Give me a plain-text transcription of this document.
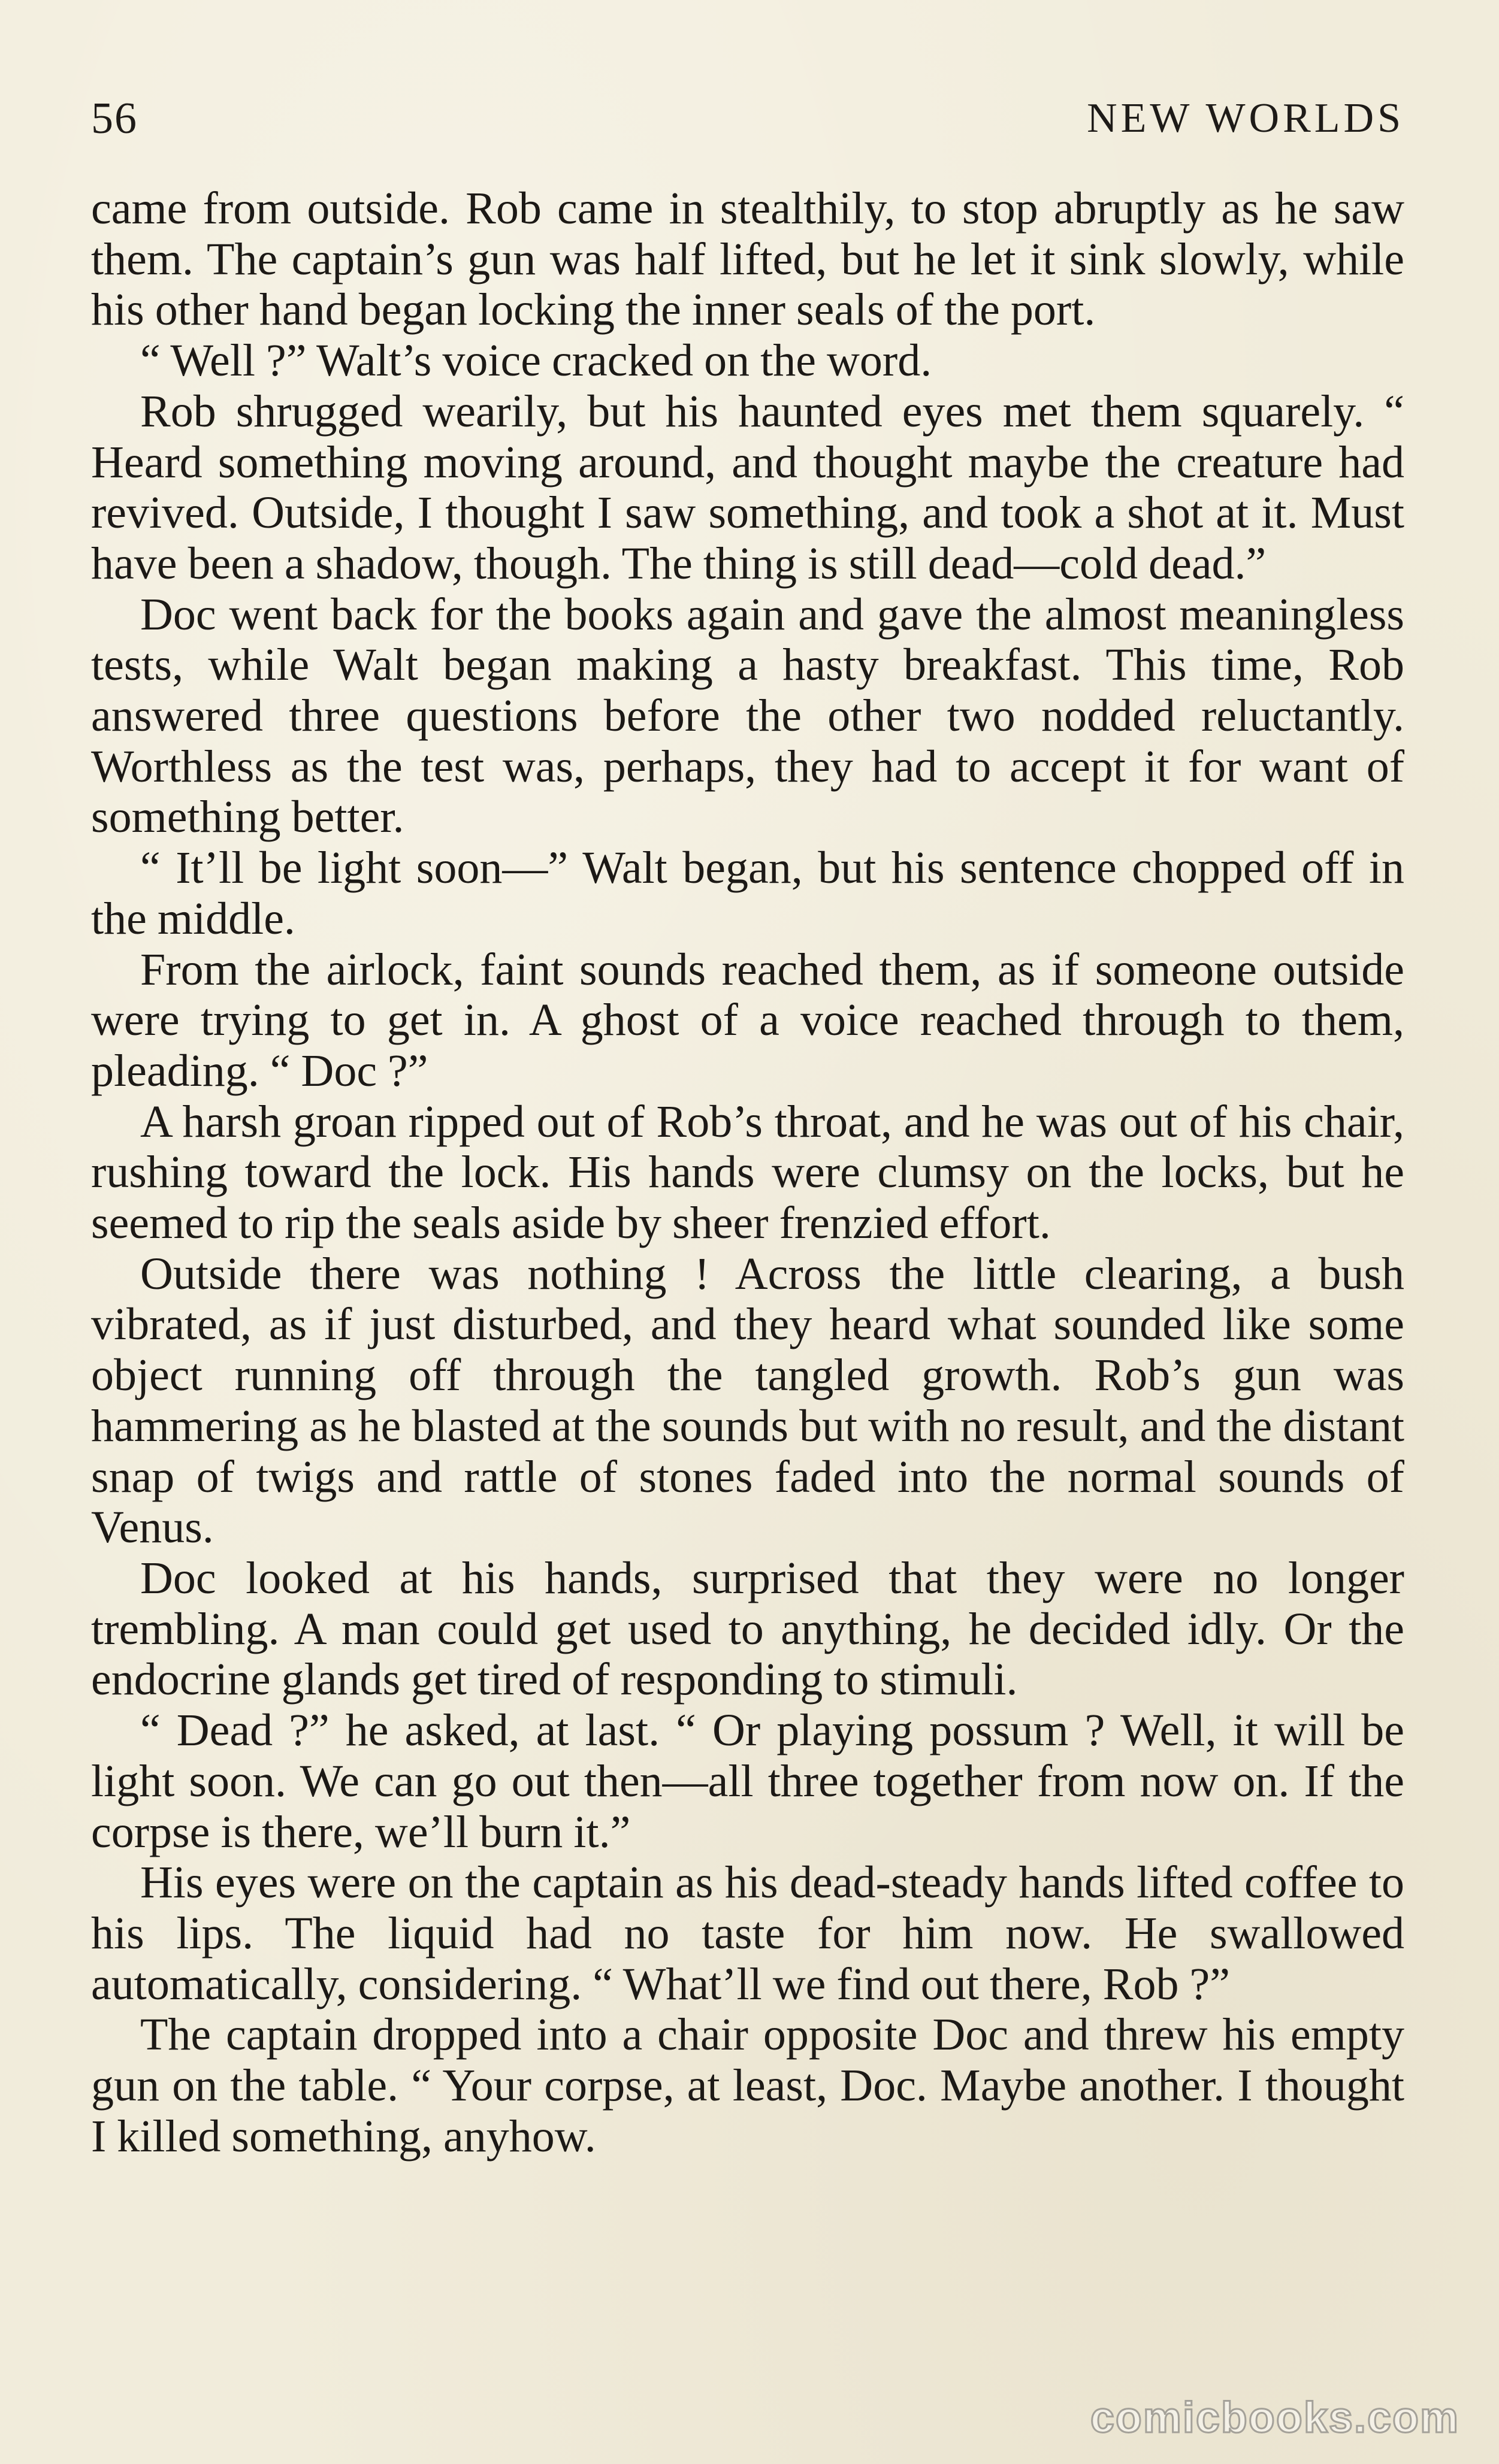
56	NEW WORLDS

came from outside. Rob came in stealthily, to stop abruptly as he saw them. The captain’s gun was half lifted, but he let it sink slowly, while his other hand began locking the inner seals of the port.

“ Well ?” Walt’s voice cracked on the word.

Rob shrugged wearily, but his haunted eyes met them squarely. “ Heard something moving around, and thought maybe the creature had revived. Outside, I thought I saw something, and took a shot at it. Must have been a shadow, though. The thing is still dead—cold dead.”

Doc went back for the books again and gave the almost meaningless tests, while Walt began making a hasty breakfast. This time, Rob answered three questions before the other two nodded reluctantly. Worthless as the test was, perhaps, they had to accept it for want of something better.

“ It’ll be light soon—” Walt began, but his sentence chopped off in the middle.

From the airlock, faint sounds reached them, as if someone outside were trying to get in. A ghost of a voice reached through to them, pleading. “ Doc ?”

A harsh groan ripped out of Rob’s throat, and he was out of his chair, rushing toward the lock. His hands were clumsy on the locks, but he seemed to rip the seals aside by sheer frenzied effort.

Outside there was nothing ! Across the little clearing, a bush vibrated, as if just disturbed, and they heard what sounded like some object running off through the tangled growth. Rob’s gun was hammering as he blasted at the sounds but with no result, and the distant snap of twigs and rattle of stones faded into the normal sounds of Venus.

Doc looked at his hands, surprised that they were no longer trembling. A man could get used to anything, he decided idly. Or the endocrine glands get tired of responding to stimuli.

“ Dead ?” he asked, at last. “ Or playing possum ? Well, it will be light soon. We can go out then—all three together from now on. If the corpse is there, we’ll burn it.”

His eyes were on the captain as his dead-steady hands lifted coffee to his lips. The liquid had no taste for him now. He swallowed automatically, considering. “ What’ll we find out there, Rob ?”

The captain dropped into a chair opposite Doc and threw his empty gun on the table. “ Your corpse, at least, Doc. Maybe another. I thought I killed something, anyhow.

comicbooks.com
